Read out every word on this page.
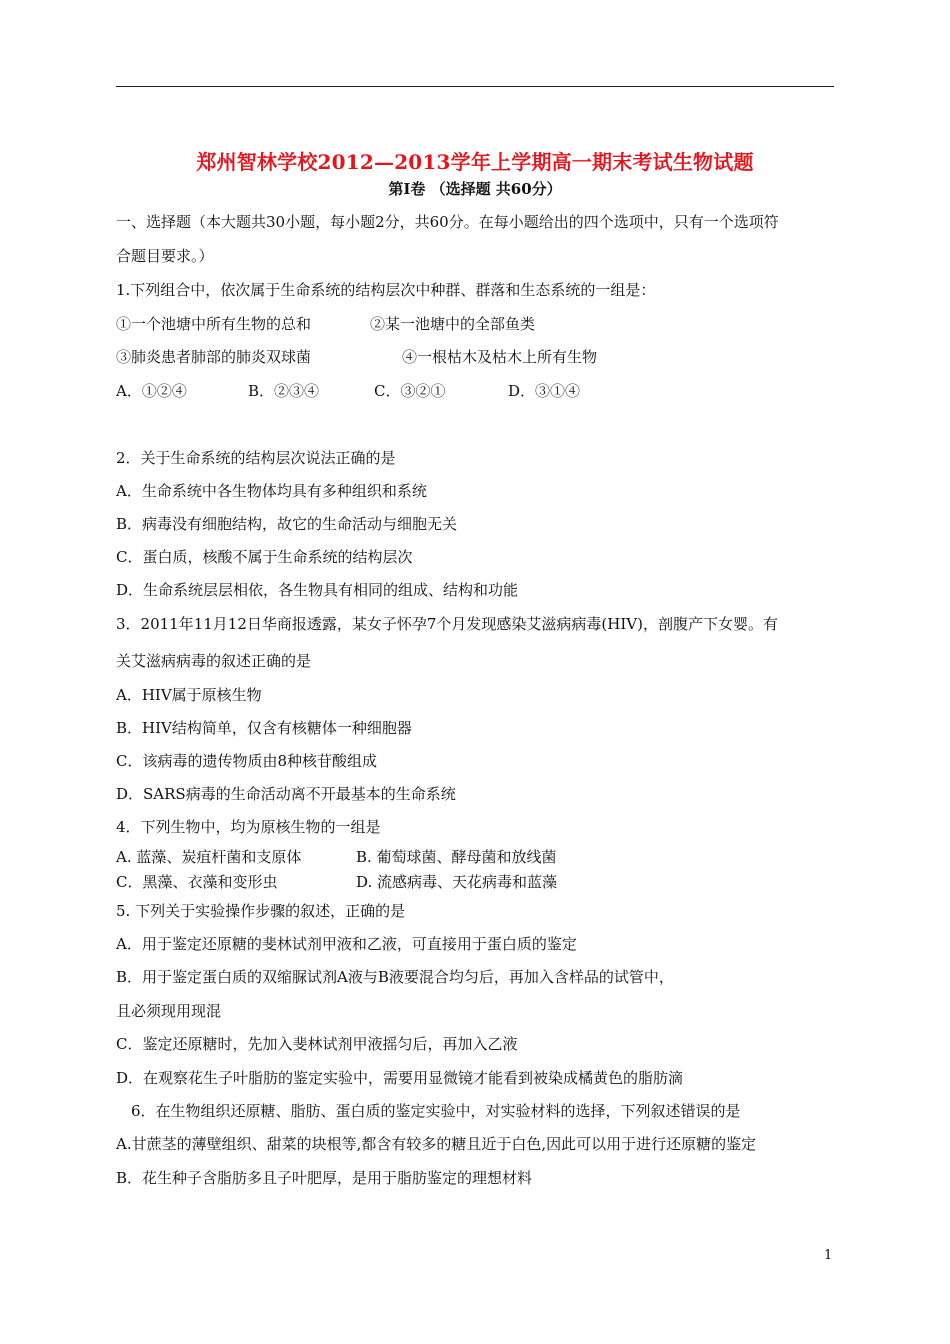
郑州智林学校2012—2013学年上学期高一期末考试生物试题
第Ⅰ卷 （选择题 共60分）
一、选择题（本大题共30小题，每小题2分，共60分。在每小题给出的四个选项中，只有一个选项符
合题目要求。）
1.下列组合中，依次属于生命系统的结构层次中种群、群落和生态系统的一组是：
①一个池塘中所有生物的总和	②某一池塘中的全部鱼类
③肺炎患者肺部的肺炎双球菌	④一根枯木及枯木上所有生物
A．①②④	B．②③④	C．③②①	D．③①④
2．关于生命系统的结构层次说法正确的是
A．生命系统中各生物体均具有多种组织和系统
B．病毒没有细胞结构，故它的生命活动与细胞无关
C．蛋白质，核酸不属于生命系统的结构层次
D．生命系统层层相依，各生物具有相同的组成、结构和功能
3．2011年11月12日华商报透露，某女子怀孕7个月发现感染艾滋病病毒(HIV)，剖腹产下女婴。有
关艾滋病病毒的叙述正确的是
A．HIV属于原核生物
B．HIV结构简单，仅含有核糖体一种细胞器
C．该病毒的遗传物质由8种核苷酸组成
D．SARS病毒的生命活动离不开最基本的生命系统
4．下列生物中，均为原核生物的一组是
A. 蓝藻、炭疽杆菌和支原体	B. 葡萄球菌、酵母菌和放线菌
C．黑藻、衣藻和变形虫	D. 流感病毒、天花病毒和蓝藻
5. 下列关于实验操作步骤的叙述，正确的是
A．用于鉴定还原糖的斐林试剂甲液和乙液，可直接用于蛋白质的鉴定
B．用于鉴定蛋白质的双缩脲试剂A液与B液要混合均匀后，再加入含样品的试管中，
且必须现用现混
C．鉴定还原糖时，先加入斐林试剂甲液摇匀后，再加入乙液
D．在观察花生子叶脂肪的鉴定实验中，需要用显微镜才能看到被染成橘黄色的脂肪滴
6．在生物组织还原糖、脂肪、蛋白质的鉴定实验中，对实验材料的选择，下列叙述错误的是
A.甘蔗茎的薄壁组织、甜菜的块根等,都含有较多的糖且近于白色,因此可以用于进行还原糖的鉴定
B．花生种子含脂肪多且子叶肥厚，是用于脂肪鉴定的理想材料
1
